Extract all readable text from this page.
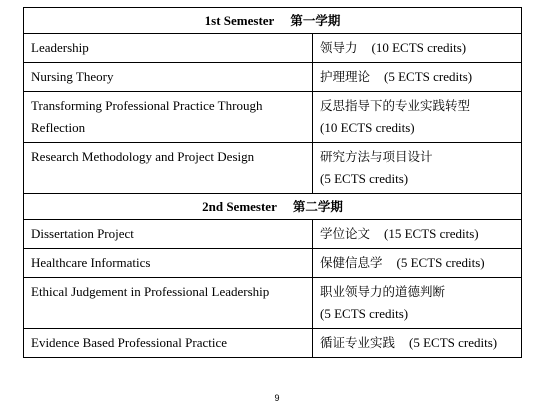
1st Semester 第一学期	
Leadership	领导力 (10 ECTS credits)
Nursing Theory	护理理论 (5 ECTS credits)
Transforming Professional Practice Through
Reflection	反思指导下的专业实践转型
(10 ECTS credits)
Research Methodology and Project Design	研究方法与项目设计
(5 ECTS credits)
2nd Semester 第二学期	
Dissertation Project	学位论文 (15 ECTS credits)
Healthcare Informatics	保健信息学 (5 ECTS credits)
Ethical Judgement in Professional Leadership	职业领导力的道德判断
(5 ECTS credits)
Evidence Based Professional Practice	循证专业实践 (5 ECTS credits)
9
